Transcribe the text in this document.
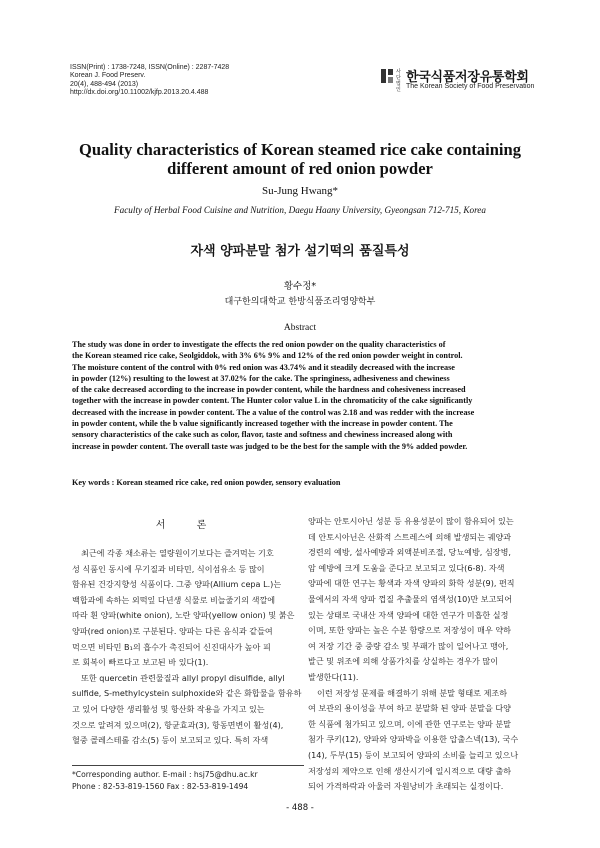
ISSN(Print) : 1738-7248, ISSN(Online) : 2287-7428
Korean J. Food Preserv.
20(4), 488-494 (2013)
http://dx.doi.org/10.11002/kjfp.2013.20.4.488
사단법인
한국식품저장유통학회
The Korean Society of Food Preservation
Quality characteristics of Korean steamed rice cake containing
different amount of red onion powder
Su-Jung Hwang*
Faculty of Herbal Food Cuisine and Nutrition, Daegu Haany University, Gyeongsan 712-715, Korea
자색 양파분말 첨가 설기떡의 품질특성
황수정*
대구한의대학교 한방식품조리영양학부
Abstract
The study was done in order to investigate the effects the red onion powder on the quality characteristics of
the Korean steamed rice cake, Seolgiddok, with 3% 6% 9% and 12% of the red onion powder weight in control.
The moisture content of the control with 0% red onion was 43.74% and it steadily decreased with the increase
in powder (12%) resulting to the lowest at 37.02% for the cake. The springiness, adhesiveness and chewiness
of the cake decreased according to the increase in powder content, while the hardness and cohesiveness increased
together with the increase in powder content. The Hunter color value L in the chromaticity of the cake significantly
decreased with the increase in powder content. The a value of the control was 2.18 and was redder with the increase
in powder content, while the b value significantly increased together with the increase in powder content. The
sensory characteristics of the cake such as color, flavor, taste and softness and chewiness increased along with
increase in powder content. The overall taste was judged to be the best for the sample with the 9% added powder.
Key words : Korean steamed rice cake, red onion powder, sensory evaluation
서 론
최근에 각종 채소류는 열량원이기보다는 즐겨먹는 기호
성 식품인 동시에 무기질과 비타민, 식이섬유소 등 많이
함유된 건강지향성 식품이다. 그중 양파(Allium cepa L.)는
백합과에 속하는 외떡잎 다년생 식물로 비늘줄기의 색깔에
따라 흰 양파(white onion), 노란 양파(yellow onion) 및 붉은
양파(red onion)로 구분된다. 양파는 다른 음식과 같들여
먹으면 비타민 B₁의 흡수가 촉진되어 신진대사가 높아 피
로 회복이 빠르다고 보고된 바 있다(1).
또한 quercetin 관련물질과 allyl propyl disulfide, allyl
sulfide, S-methylcystein sulphoxide와 같은 화합물을 함유하
고 있어 다양한 생리활성 및 항산화 작용을 가지고 있는
것으로 알려져 있으며(2), 항균효과(3), 항동면변이 활성(4),
혈중 콜레스테롤 감소(5) 등이 보고되고 있다. 특히 자색
양파는 안토시아닌 성분 등 유용성분이 많이 함유되어 있는
데 안토시아닌은 산화적 스트레스에 의해 발생되는 궤양과
경련의 예방, 설사예방과 외액분비조절, 당뇨예방, 심장병,
암 예방에 크게 도움을 준다고 보고되고 있다(6-8). 자색
양파에 대한 연구는 황색과 자색 양파의 화학 성분(9), 편직
물에서의 자색 양파 껍질 추출물의 염색성(10)만 보고되어
있는 상태로 국내산 자색 양파에 대한 연구가 미흡한 실정
이며, 또한 양파는 높은 수분 함량으로 저장성이 매우 약하
여 저장 기간 중 중량 감소 및 부패가 많이 일어나고 맹아,
발근 및 위조에 의해 상품가치를 상실하는 경우가 많이
발생한다(11).
이런 저장성 문제를 해결하기 위해 분말 형태로 제조하
여 보관의 용이성을 부여 하고 분말화 된 양파 분말을 다양
한 식품에 첨가되고 있으며, 이에 관한 연구로는 양파 분말
첨가 쿠키(12), 양파와 양파박을 이용한 압출스넥(13), 국수
(14), 두부(15) 등이 보고되어 양파의 소비를 늘리고 있으나
저장성의 제약으로 인해 생산시기에 일시적으로 대량 출하
되어 가격하락과 아울러 자원낭비가 초래되는 실정이다.
*Corresponding author. E-mail : hsj75@dhu.ac.kr
Phone : 82-53-819-1560 Fax : 82-53-819-1494
- 488 -
